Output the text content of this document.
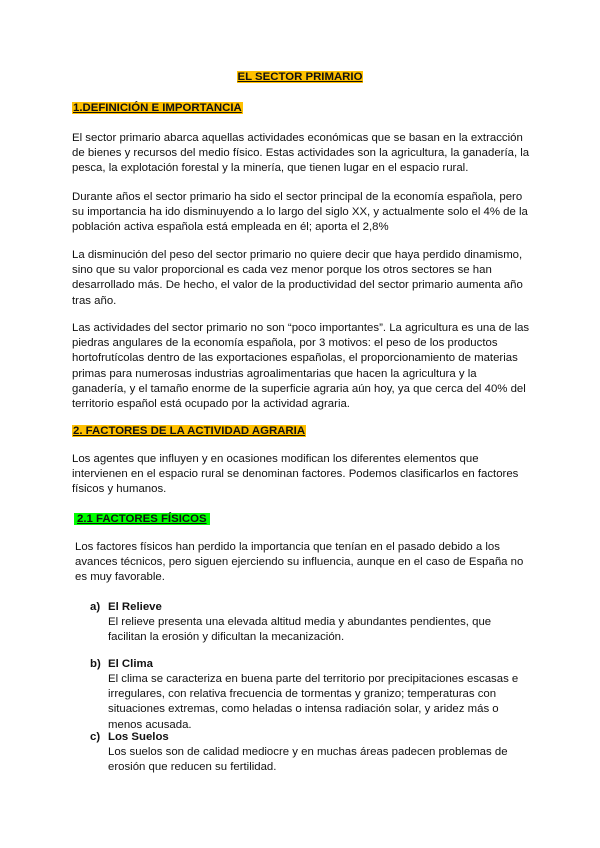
EL SECTOR PRIMARIO
1.DEFINICIÓN E IMPORTANCIA

El sector primario abarca aquellas actividades económicas que se basan en la extracción de bienes y recursos del medio físico. Estas actividades son la agricultura, la ganadería, la pesca, la explotación forestal y la minería, que tienen lugar en el espacio rural.

Durante años el sector primario ha sido el sector principal de la economía española, pero su importancia ha ido disminuyendo a lo largo del siglo XX, y actualmente solo el 4% de la población activa española está empleada en él; aporta el 2,8%

La disminución del peso del sector primario no quiere decir que haya perdido dinamismo, sino que su valor proporcional es cada vez menor porque los otros sectores se han desarrollado más. De hecho, el valor de la productividad del sector primario aumenta año tras año.

Las actividades del sector primario no son “poco importantes”. La agricultura es una de las piedras angulares de la economía española, por 3 motivos: el peso de los productos hortofrutícolas dentro de las exportaciones españolas, el proporcionamiento de materias primas para numerosas industrias agroalimentarias que hacen la agricultura y la ganadería, y el tamaño enorme de la superficie agraria aún hoy, ya que cerca del 40% del territorio español está ocupado por la actividad agraria.

2. FACTORES DE LA ACTIVIDAD AGRARIA

Los agentes que influyen y en ocasiones modifican los diferentes elementos que intervienen en el espacio rural se denominan factores. Podemos clasificarlos en factores físicos y humanos.

2.1 FACTORES FÍSICOS

Los factores físicos han perdido la importancia que tenían en el pasado debido a los avances técnicos, pero siguen ejerciendo su influencia, aunque en el caso de España no es muy favorable.

a) El Relieve

El relieve presenta una elevada altitud media y abundantes pendientes, que facilitan la erosión y dificultan la mecanización.

b) El Clima

El clima se caracteriza en buena parte del territorio por precipitaciones escasas e irregulares, con relativa frecuencia de tormentas y granizo; temperaturas con situaciones extremas, como heladas o intensa radiación solar, y aridez más o menos acusada.

c) Los Suelos

Los suelos son de calidad mediocre y en muchas áreas padecen problemas de erosión que reducen su fertilidad.
